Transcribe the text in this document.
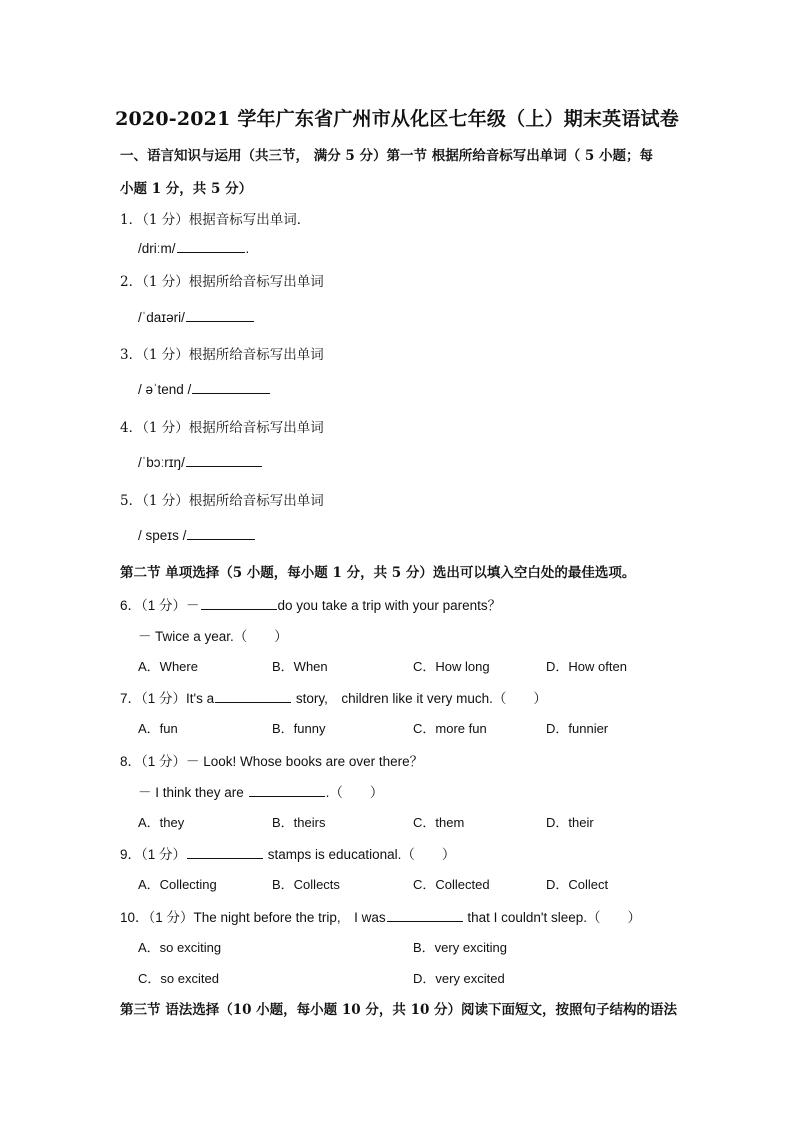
2020-2021 学年广东省广州市从化区七年级（上）期末英语试卷
一、语言知识与运用（共三节， 满分 5 分）第一节 根据所给音标写出单词（ 5 小题；每
小题 1 分，共 5 分）
1．（1 分）根据音标写出单词．
/driːm/	.
2．（1 分）根据所给音标写出单词
/ˈdaɪəri/
3．（1 分）根据所给音标写出单词
/ əˈtend /
4．（1 分）根据所给音标写出单词
/ˈbɔːrɪŋ/
5．（1 分）根据所给音标写出单词
/ speɪs /
第二节 单项选择（5 小题，每小题 1 分，共 5 分）选出可以填入空白处的最佳选项。
6．（1 分）－	do you take a trip with your parents？
－ Twice a year.（　　）
A．Where	B．When	C．How long	D．How often
7．（1 分）It's a	story,　children like it very much.（　　）
A．fun	B．funny	C．more fun	D．funnier
8．（1 分）－ Look! Whose books are over there？
－ I think they are	.（　　）
A．they	B．theirs	C．them	D．their
9．（1 分）	stamps is educational.（　　）
A．Collecting	B．Collects	C．Collected	D．Collect
10．（1 分）The night before the trip,　I was	that I couldn't sleep.（　　）
A．so exciting	B．very exciting
C．so excited	D．very excited
第三节 语法选择（10 小题，每小题 10 分，共 10 分）阅读下面短文，按照句子结构的语法
